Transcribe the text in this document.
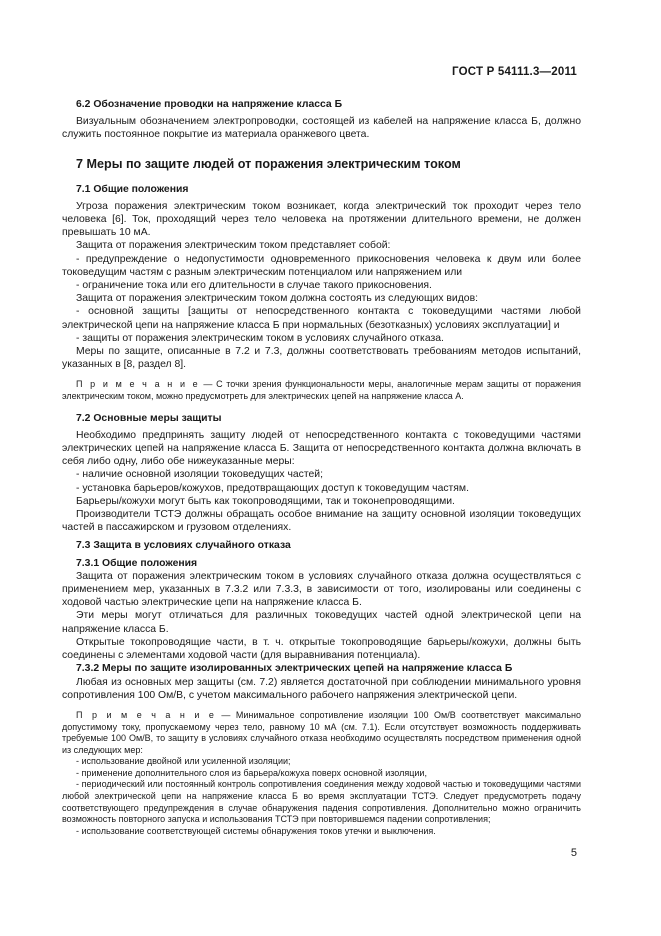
ГОСТ Р 54111.3—2011
6.2 Обозначение проводки на напряжение класса Б

Визуальным обозначением электропроводки, состоящей из кабелей на напряжение класса Б, должно служить постоянное покрытие из материала оранжевого цвета.

7 Меры по защите людей от поражения электрическим током
7.1 Общие положения

Угроза поражения электрическим током возникает, когда электрический ток проходит через тело человека [6]. Ток, проходящий через тело человека на протяжении длительного времени, не должен превышать 10 мА.

Защита от поражения электрическим током представляет собой:

- предупреждение о недопустимости одновременного прикосновения человека к двум или более токоведущим частям с разным электрическим потенциалом или напряжением или

- ограничение тока или его длительности в случае такого прикосновения.

Защита от поражения электрическим током должна состоять из следующих видов:

- основной защиты [защиты от непосредственного контакта с токоведущими частями любой электрической цепи на напряжение класса Б при нормальных (безотказных) условиях эксплуатации] и

- защиты от поражения электрическим током в условиях случайного отказа.

Меры по защите, описанные в 7.2 и 7.3, должны соответствовать требованиям методов испытаний, указанных в [8, раздел 8].

П р и м е ч а н и е — С точки зрения функциональности меры, аналогичные мерам защиты от поражения электрическим током, можно предусмотреть для электрических цепей на напряжение класса А.

7.2 Основные меры защиты

Необходимо предпринять защиту людей от непосредственного контакта с токоведущими частями электрических цепей на напряжение класса Б. Защита от непосредственного контакта должна включать в себя либо одну, либо обе нижеуказанные меры:

- наличие основной изоляции токоведущих частей;

- установка барьеров/кожухов, предотвращающих доступ к токоведущим частям.

Барьеры/кожухи могут быть как токопроводящими, так и токонепроводящими.

Производители ТСТЭ должны обращать особое внимание на защиту основной изоляции токоведущих частей в пассажирском и грузовом отделениях.

7.3 Защита в условиях случайного отказа
7.3.1 Общие положения

Защита от поражения электрическим током в условиях случайного отказа должна осуществляться с применением мер, указанных в 7.3.2 или 7.3.3, в зависимости от того, изолированы или соединены с ходовой частью электрические цепи на напряжение класса Б.

Эти меры могут отличаться для различных токоведущих частей одной электрической цепи на напряжение класса Б.

Открытые токопроводящие части, в т. ч. открытые токопроводящие барьеры/кожухи, должны быть соединены с элементами ходовой части (для выравнивания потенциала).

7.3.2 Меры по защите изолированных электрических цепей на напряжение класса Б

Любая из основных мер защиты (см. 7.2) является достаточной при соблюдении минимального уровня сопротивления 100 Ом/В, с учетом максимального рабочего напряжения электрической цепи.

П р и м е ч а н и е — Минимальное сопротивление изоляции 100 Ом/В соответствует максимально допустимому току, пропускаемому через тело, равному 10 мА (см. 7.1). Если отсутствует возможность поддерживать требуемые 100 Ом/В, то защиту в условиях случайного отказа необходимо осуществлять посредством применения одной из следующих мер:

- использование двойной или усиленной изоляции;

- применение дополнительного слоя из барьера/кожуха поверх основной изоляции,

- периодический или постоянный контроль сопротивления соединения между ходовой частью и токоведущими частями любой электрической цепи на напряжение класса Б во время эксплуатации ТСТЭ. Следует предусмотреть подачу соответствующего предупреждения в случае обнаружения падения сопротивления. Дополнительно можно ограничить возможность повторного запуска и использования ТСТЭ при повторившемся падении сопротивления;

- использование соответствующей системы обнаружения токов утечки и выключения.

5
